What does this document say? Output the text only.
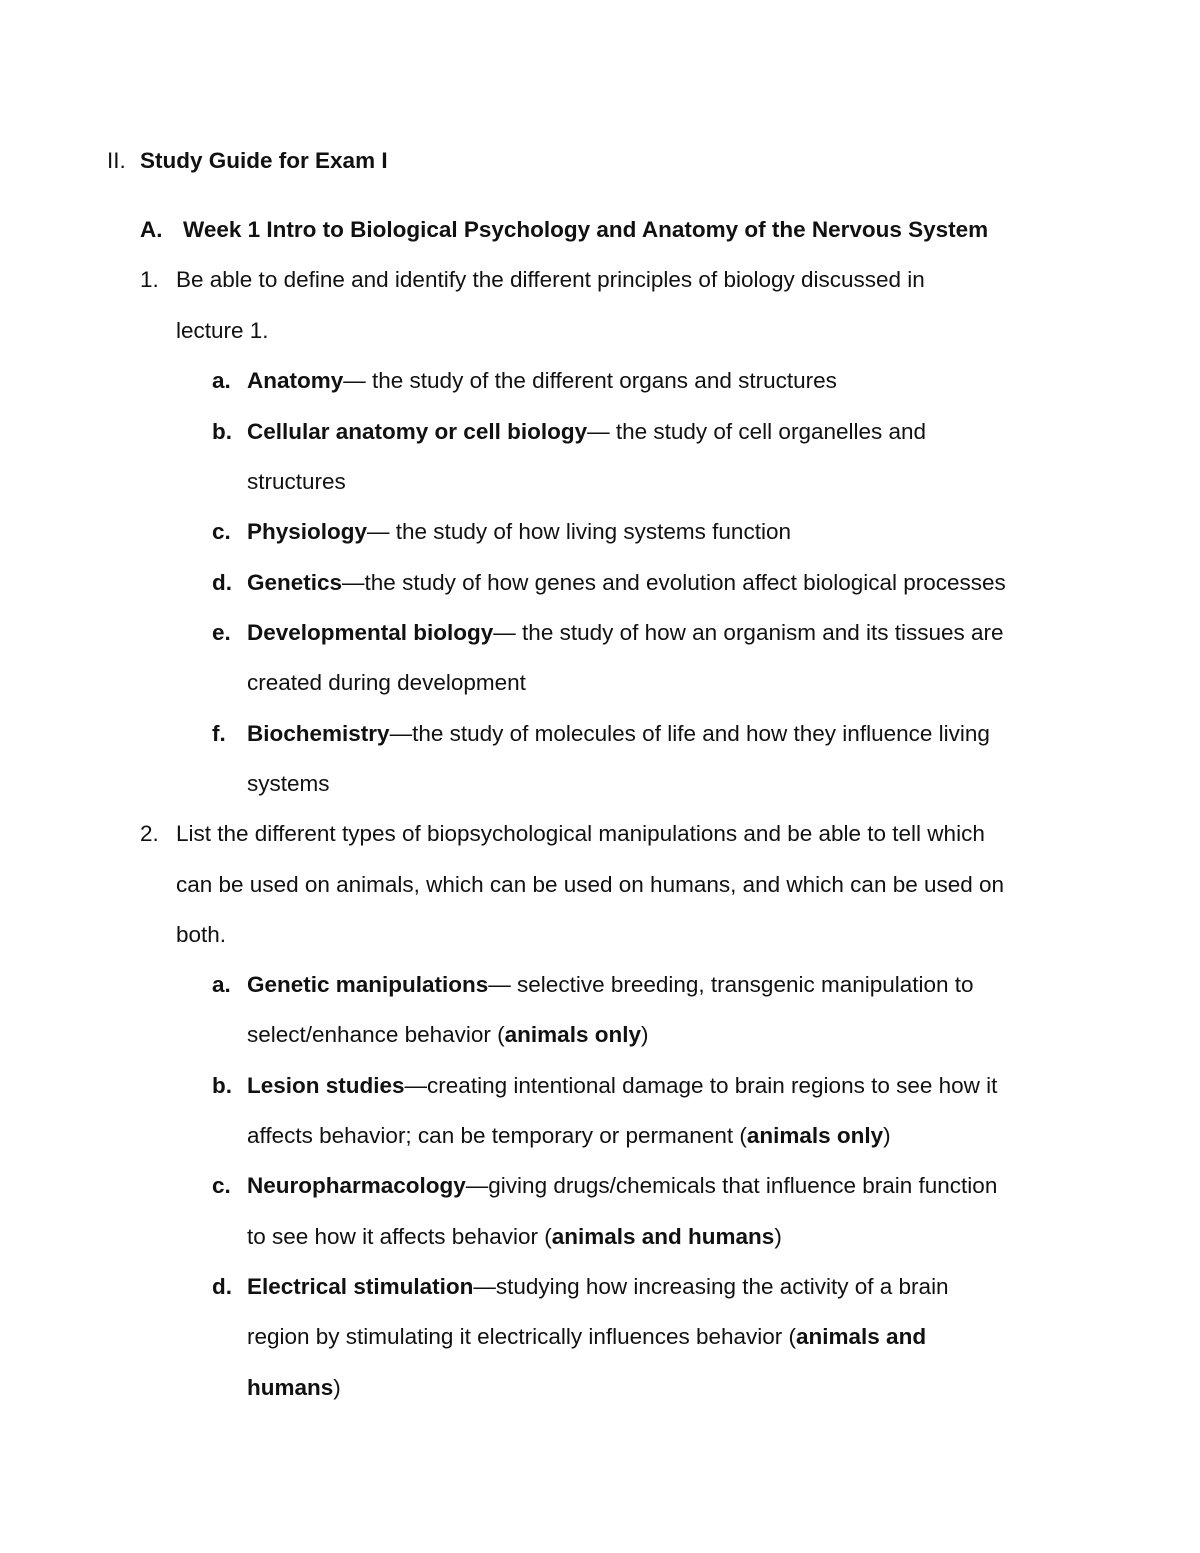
II. Study Guide for Exam I
A. Week 1 Intro to Biological Psychology and Anatomy of the Nervous System
1. Be able to define and identify the different principles of biology discussed in
lecture 1.
a. Anatomy— the study of the different organs and structures
b. Cellular anatomy or cell biology— the study of cell organelles and
structures
c. Physiology— the study of how living systems function
d. Genetics—the study of how genes and evolution affect biological processes
e. Developmental biology— the study of how an organism and its tissues are
created during development
f. Biochemistry—the study of molecules of life and how they influence living
systems
2. List the different types of biopsychological manipulations and be able to tell which
can be used on animals, which can be used on humans, and which can be used on
both.
a. Genetic manipulations— selective breeding, transgenic manipulation to
select/enhance behavior (animals only)
b. Lesion studies—creating intentional damage to brain regions to see how it
affects behavior; can be temporary or permanent (animals only)
c. Neuropharmacology—giving drugs/chemicals that influence brain function
to see how it affects behavior (animals and humans)
d. Electrical stimulation—studying how increasing the activity of a brain
region by stimulating it electrically influences behavior (animals and
humans)
